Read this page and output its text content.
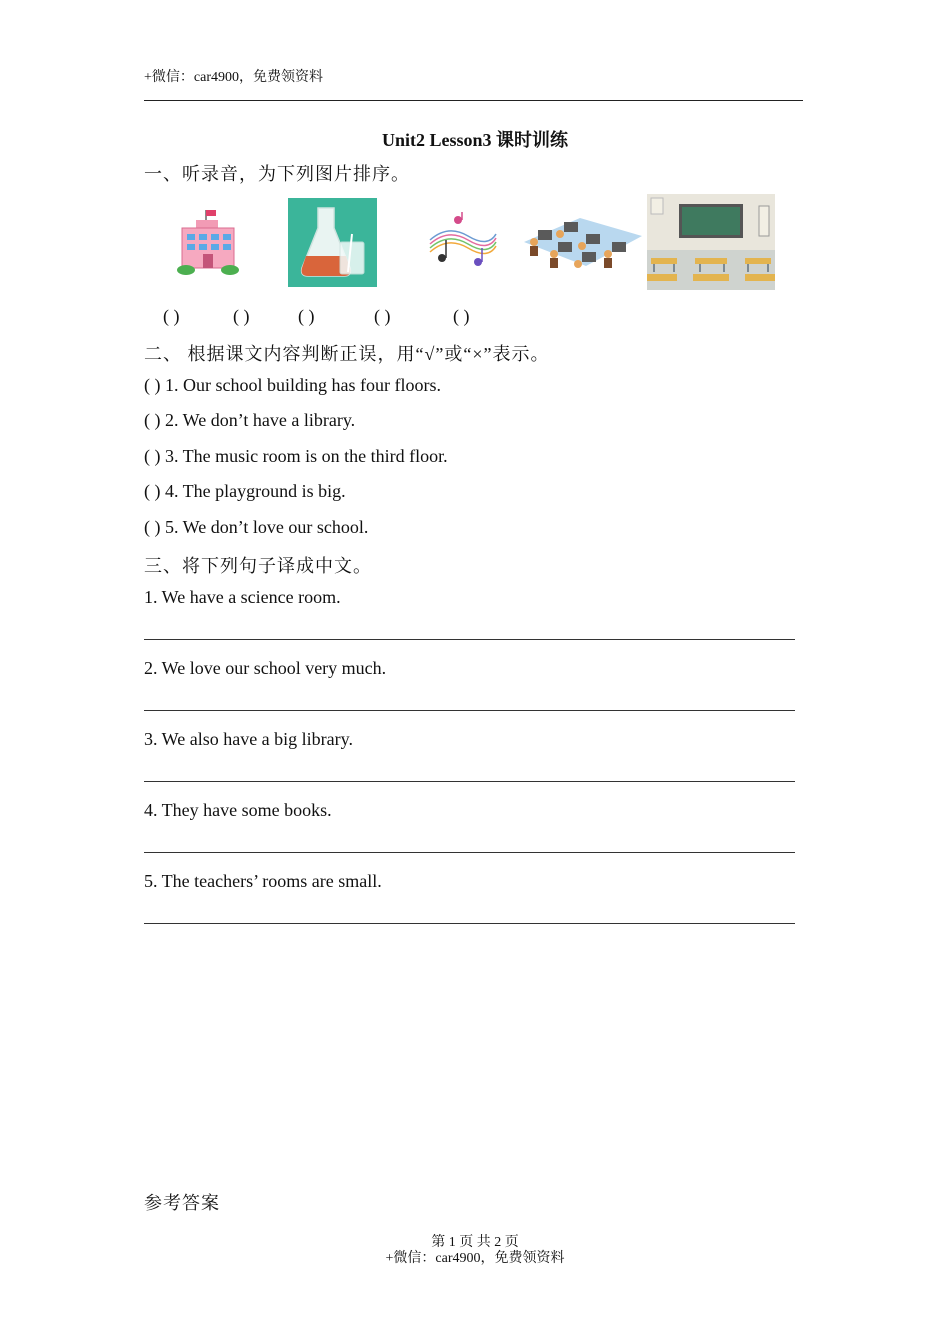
+微信：car4900，免费领资料
Unit2 Lesson3 课时训练
一、听录音，为下列图片排序。
( )	( )	( )	( )	( )
二、 根据课文内容判断正误，用“√”或“×”表示。
( ) 1. Our school building has four floors.
( ) 2. We don’t have a library.
( ) 3. The music room is on the third floor.
( ) 4. The playground is big.
( ) 5. We don’t love our school.
三、将下列句子译成中文。
1. We have a science room.
2. We love our school very much.
3. We also have a big library.
4. They have some books.
5. The teachers’ rooms are small.
参考答案
第 1 页 共 2 页
+微信：car4900，免费领资料
